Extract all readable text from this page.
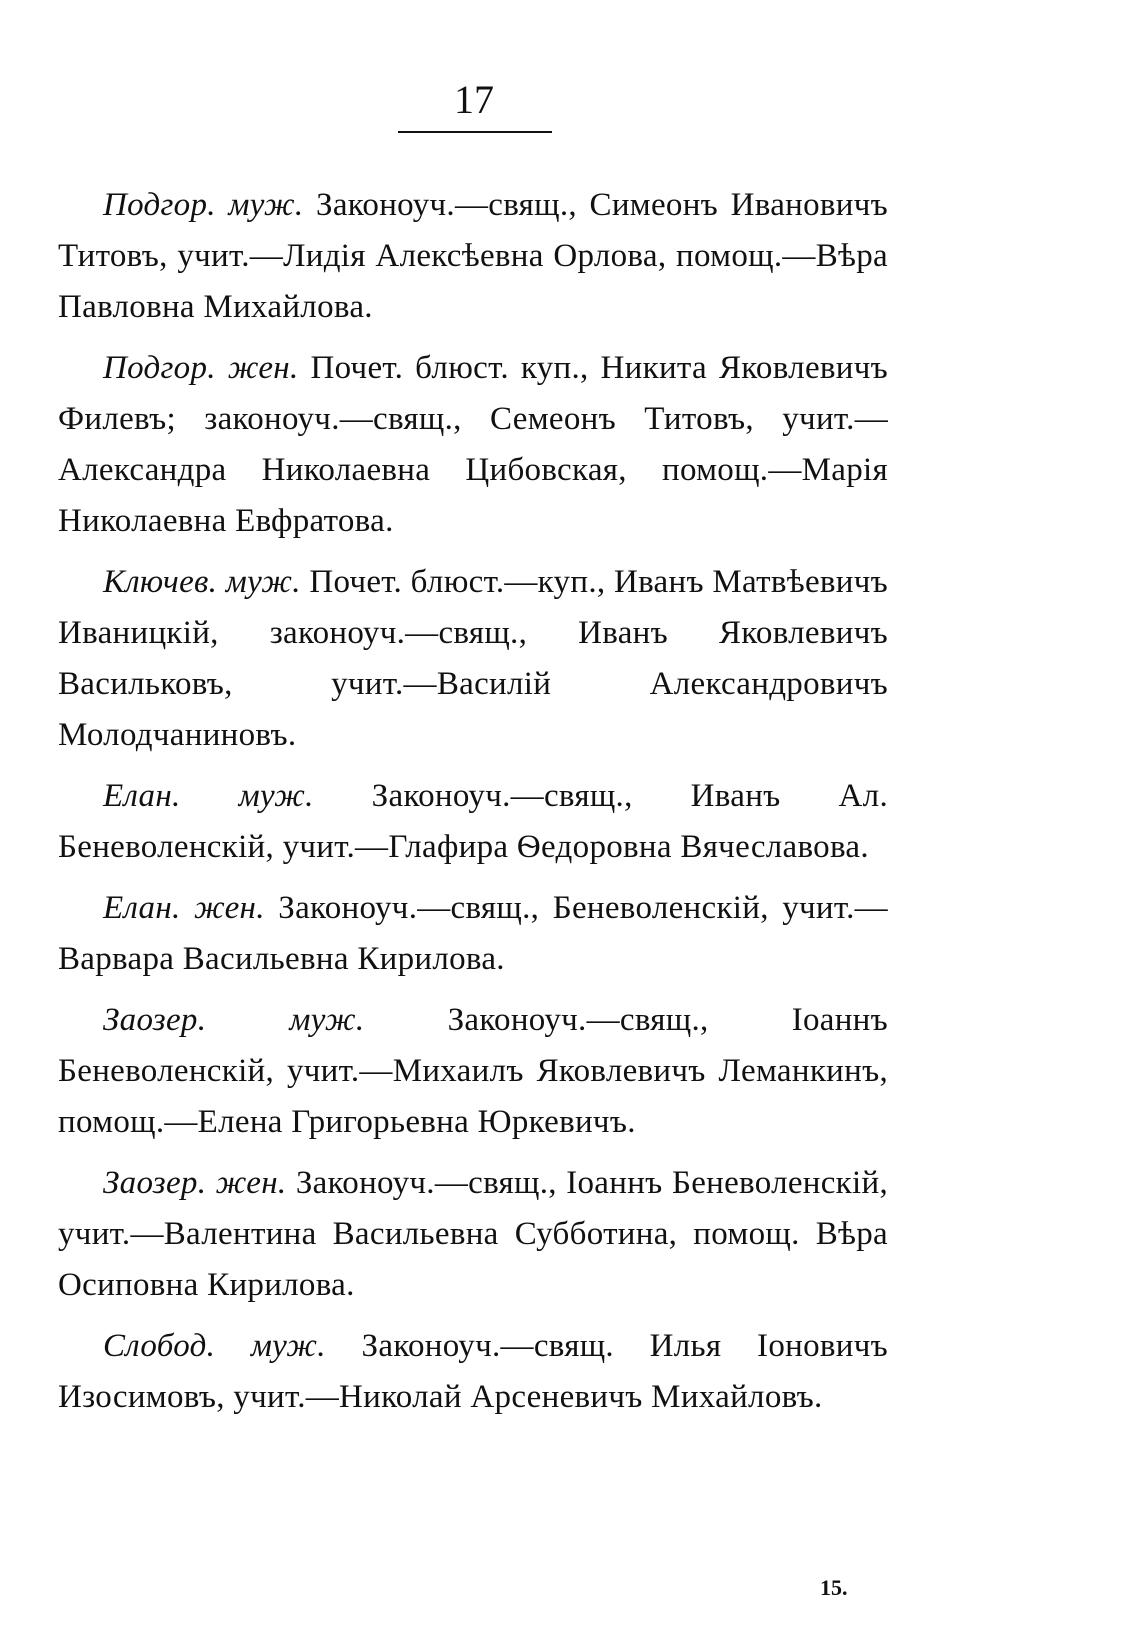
17

Подгор. муж. Законоуч.—свящ., Симеонъ Ивановичъ Титовъ, учит.—Лидія Алексѣевна Орлова, помощ.—Вѣра Павловна Михайлова.

Подгор. жен. Почет. блюст. куп., Никита Яковлевичъ Филевъ; законоуч.—свящ., Семеонъ Титовъ, учит.—Александра Николаевна Цибовская, помощ.—Марія Николаевна Евфратова.

Ключев. муж. Почет. блюст.—куп., Иванъ Матвѣевичъ Иваницкій, законоуч.—свящ., Иванъ Яковлевичъ Васильковъ, учит.—Василій Александровичъ Молодчаниновъ.

Елан. муж. Законоуч.—свящ., Иванъ Ал. Беневоленскій, учит.—Глафира Ѳедоровна Вячеславова.

Елан. жен. Законоуч.—свящ., Беневоленскій, учит.—Варвара Васильевна Кирилова.

Заозер. муж. Законоуч.—свящ., Іоаннъ Беневоленскій, учит.—Михаилъ Яковлевичъ Леманкинъ, помощ.—Елена Григорьевна Юркевичъ.

Заозер. жен. Законоуч.—свящ., Іоаннъ Беневоленскій, учит.—Валентина Васильевна Субботина, помощ. Вѣра Осиповна Кирилова.

Слобод. муж. Законоуч.—свящ. Илья Іоновичъ Изосимовъ, учит.—Николай Арсеневичъ Михайловъ.

15.
